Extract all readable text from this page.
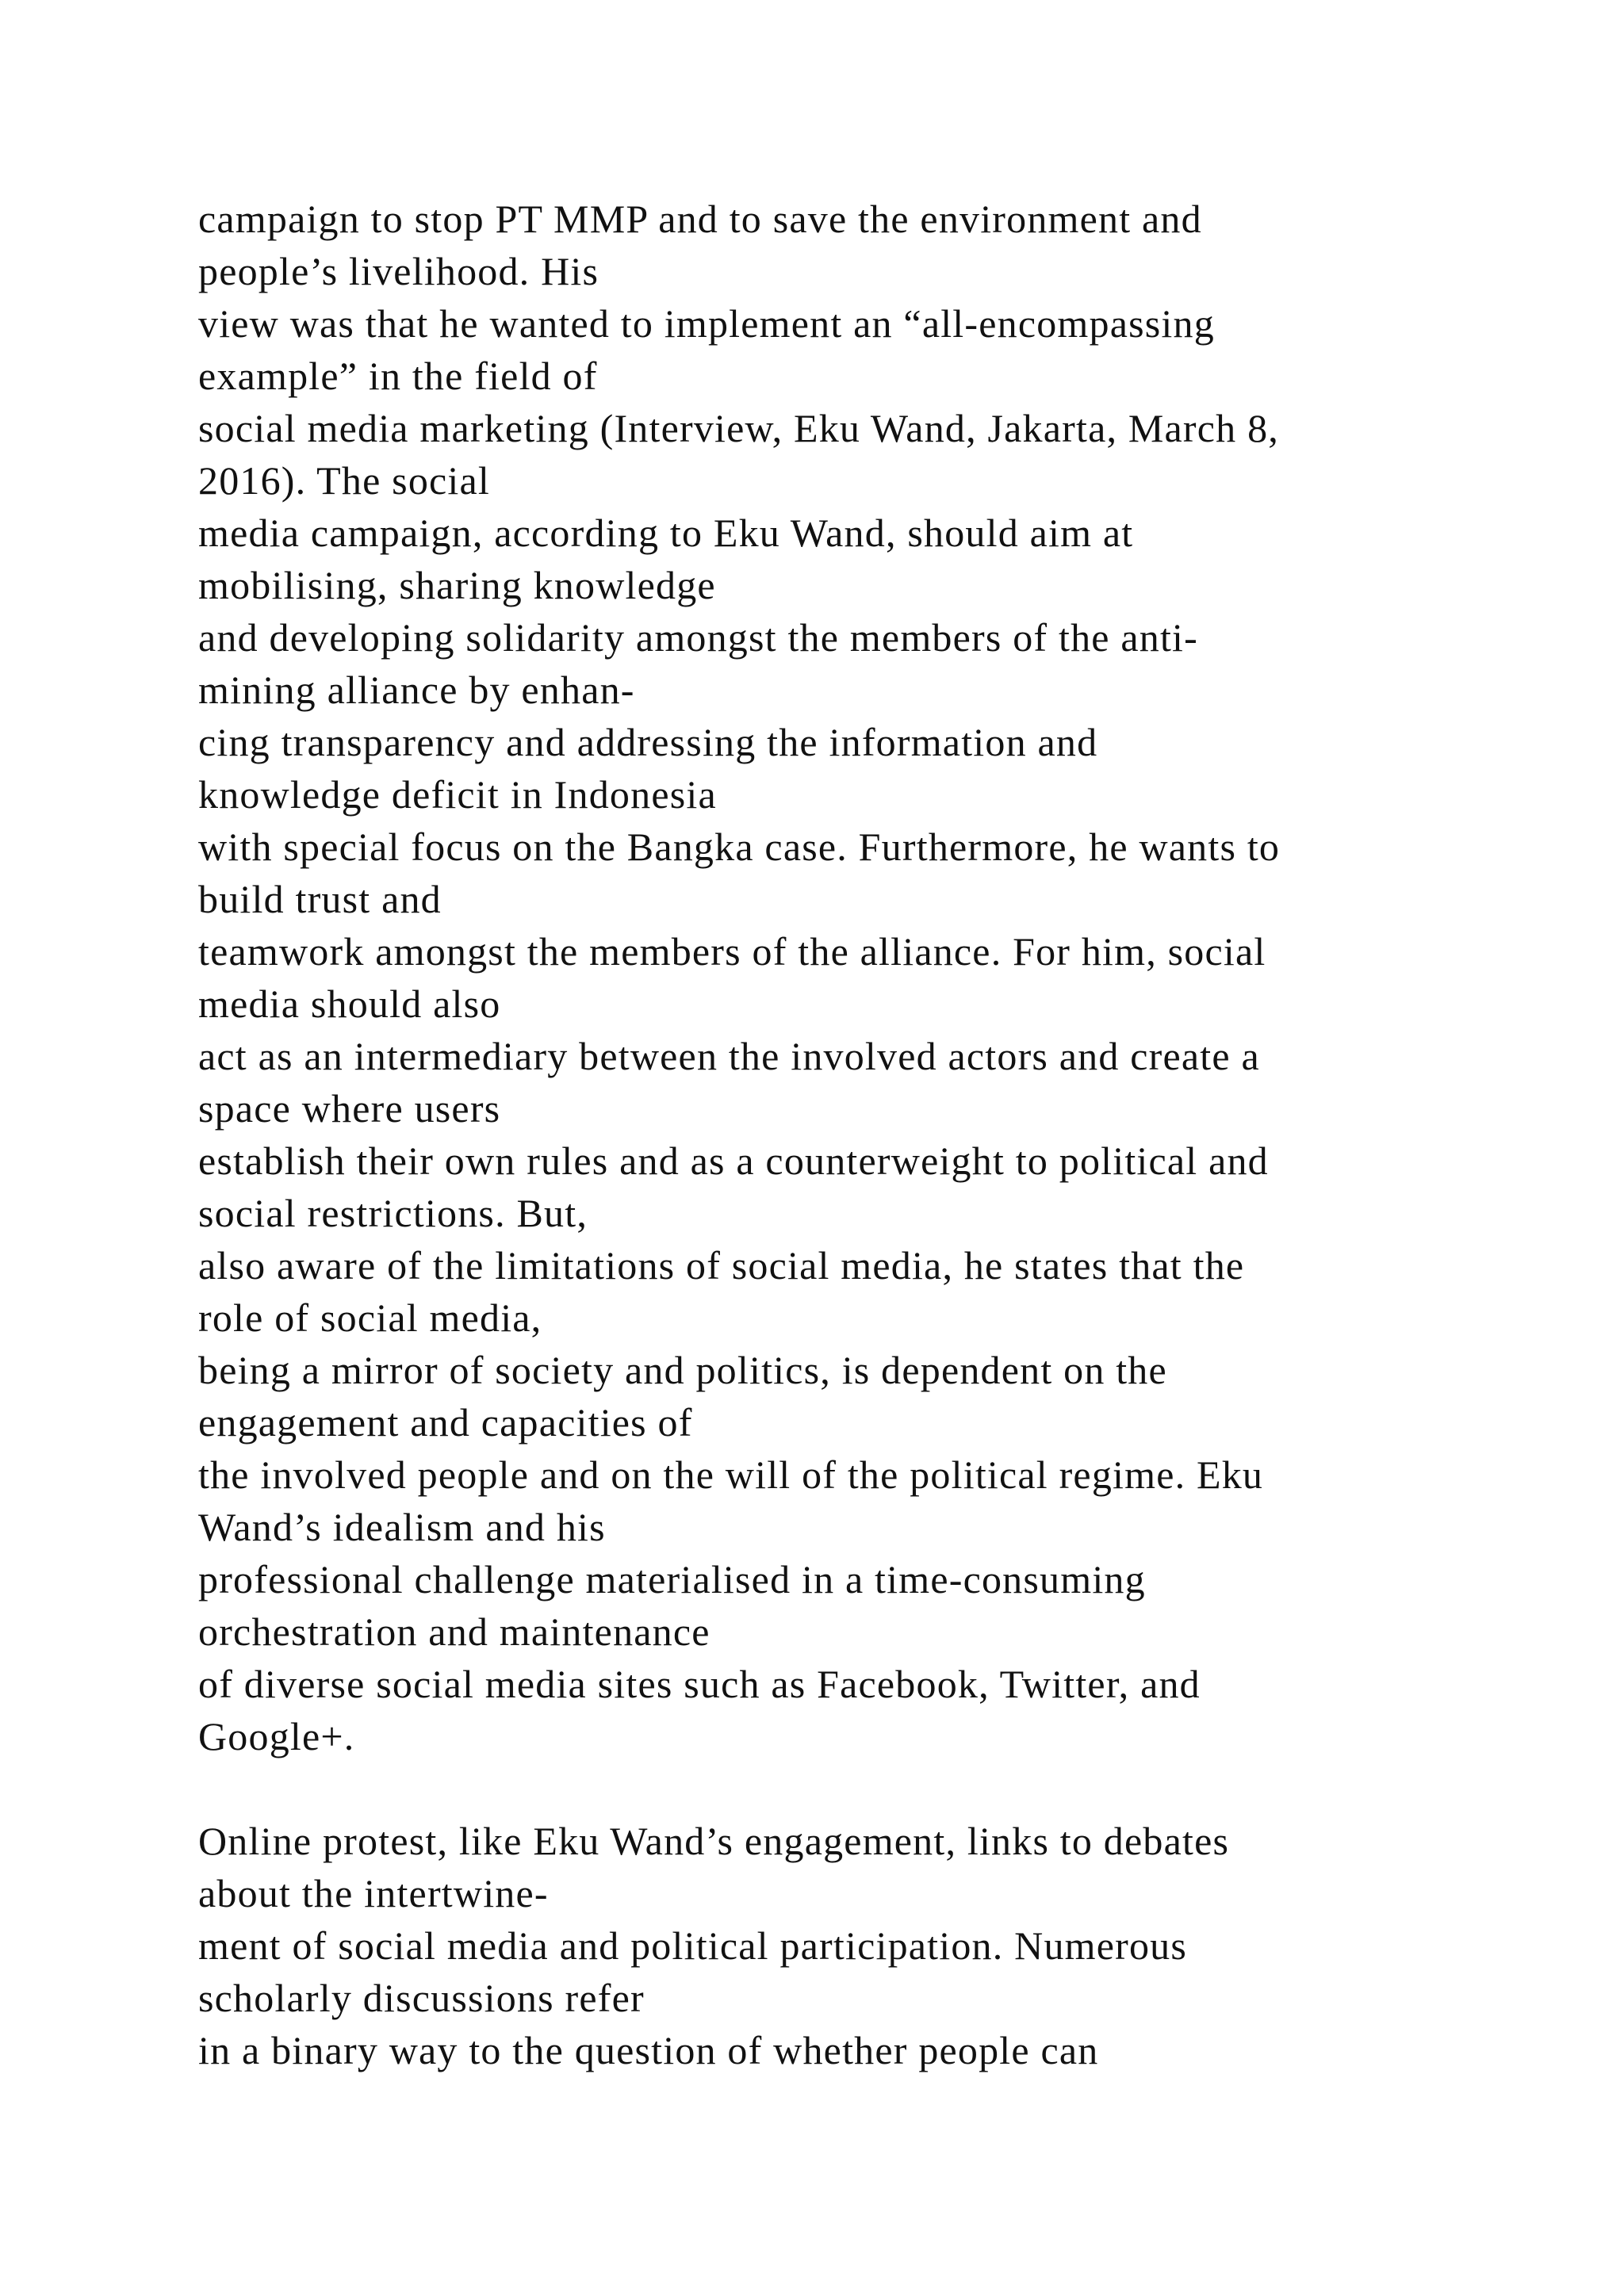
campaign to stop PT MMP and to save the environment and
people’s livelihood. His
view was that he wanted to implement an “all-encompassing
example” in the field of
social media marketing (Interview, Eku Wand, Jakarta, March 8,
2016). The social
media campaign, according to Eku Wand, should aim at
mobilising, sharing knowledge
and developing solidarity amongst the members of the anti-
mining alliance by enhan-
cing transparency and addressing the information and
knowledge deficit in Indonesia
with special focus on the Bangka case. Furthermore, he wants to
build trust and
teamwork amongst the members of the alliance. For him, social
media should also
act as an intermediary between the involved actors and create a
space where users
establish their own rules and as a counterweight to political and
social restrictions. But,
also aware of the limitations of social media, he states that the
role of social media,
being a mirror of society and politics, is dependent on the
engagement and capacities of
the involved people and on the will of the political regime. Eku
Wand’s idealism and his
professional challenge materialised in a time-consuming
orchestration and maintenance
of diverse social media sites such as Facebook, Twitter, and
Google+.
Online protest, like Eku Wand’s engagement, links to debates
about the intertwine-
ment of social media and political participation. Numerous
scholarly discussions refer
in a binary way to the question of whether people can
